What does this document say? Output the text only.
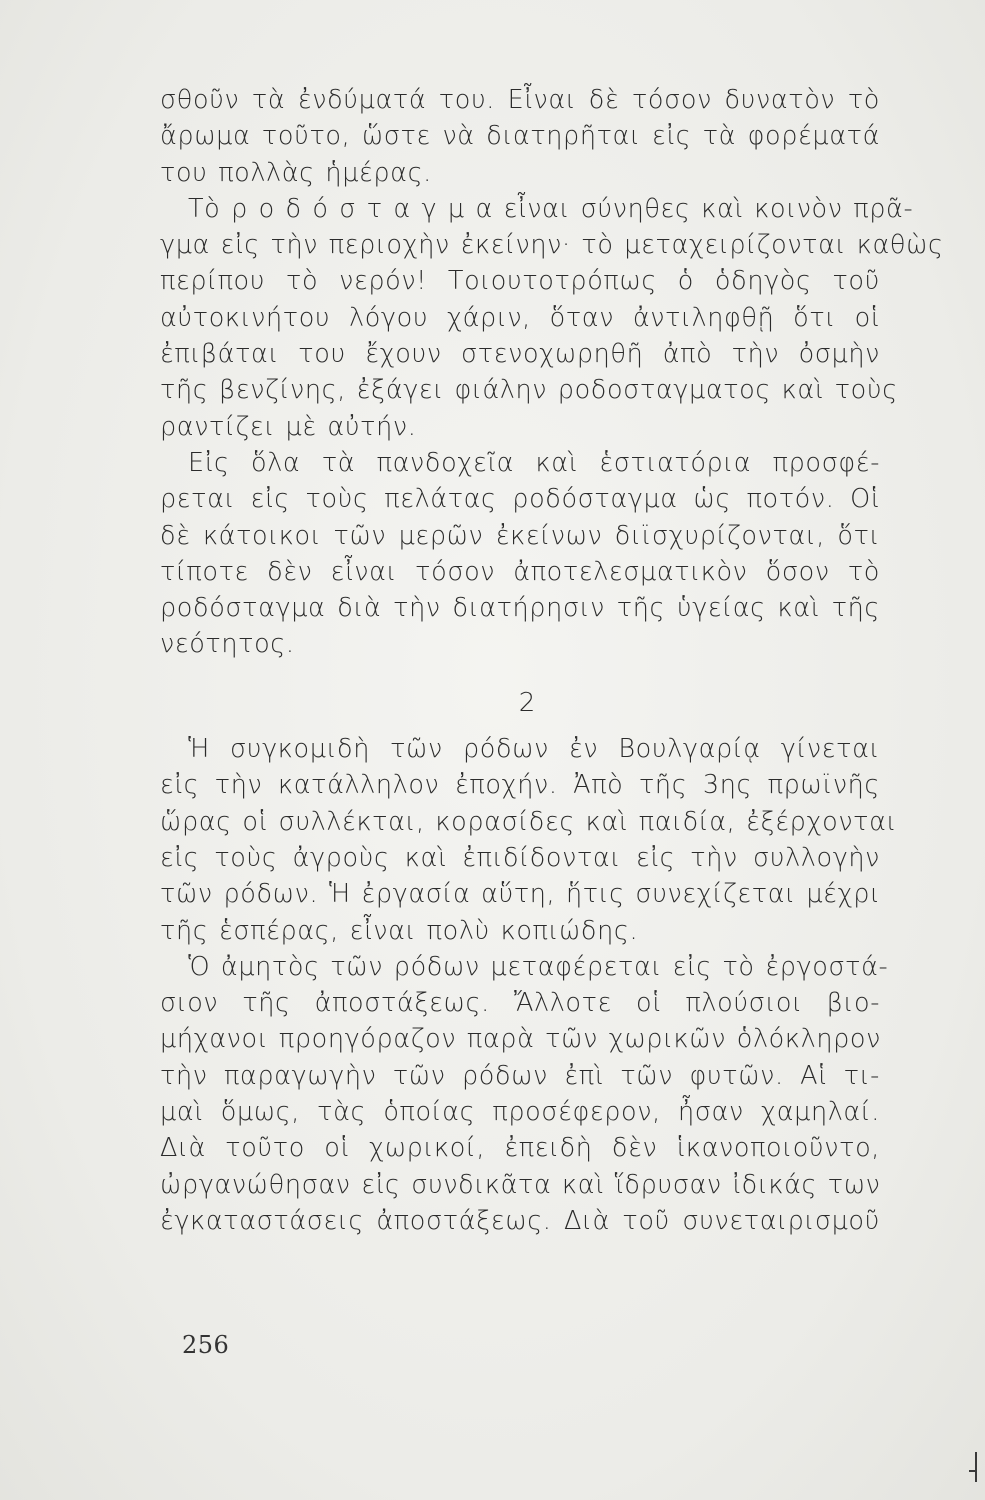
σθοῦν τὰ ἐνδύματά του. Εἶναι δὲ τόσον δυνατὸν τὸ
ἄρωμα τοῦτο, ὥστε νὰ διατηρῆται εἰς τὰ φορέματά
του πολλὰς ἡμέρας.
Τὸ ρ ο δ ό σ τ α γ μ α εἶναι σύνηθες καὶ κοινὸν πρᾶ-
γμα εἰς τὴν περιοχὴν ἐκείνην· τὸ μεταχειρίζονται καθὼς
περίπου τὸ νερόν! Τοιουτοτρόπως ὁ ὁδηγὸς τοῦ
αὐτοκινήτου λόγου χάριν, ὅταν ἀντιληφθῇ ὅτι οἱ
ἐπιβάται του ἔχουν στενοχωρηθῆ ἀπὸ τὴν ὀσμὴν
τῆς βενζίνης, ἐξάγει φιάλην ροδοσταγματος καὶ τοὺς
ραντίζει μὲ αὐτήν.
Εἰς ὅλα τὰ πανδοχεῖα καὶ ἑστιατόρια προσφέ-
ρεται εἰς τοὺς πελάτας ροδόσταγμα ὡς ποτόν. Οἱ
δὲ κάτοικοι τῶν μερῶν ἐκείνων διϊσχυρίζονται, ὅτι
τίποτε δὲν εἶναι τόσον ἀποτελεσματικὸν ὅσον τὸ
ροδόσταγμα διὰ τὴν διατήρησιν τῆς ὑγείας καὶ τῆς
νεότητος.
2
Ἡ συγκομιδὴ τῶν ρόδων ἐν Βουλγαρίᾳ γίνεται
εἰς τὴν κατάλληλον ἐποχήν. Ἀπὸ τῆς 3ης πρωϊνῆς
ὥρας οἱ συλλέκται, κορασίδες καὶ παιδία, ἐξέρχονται
εἰς τοὺς ἀγροὺς καὶ ἐπιδίδονται εἰς τὴν συλλογὴν
τῶν ρόδων. Ἡ ἐργασία αὕτη, ἥτις συνεχίζεται μέχρι
τῆς ἑσπέρας, εἶναι πολὺ κοπιώδης.
Ὁ ἀμητὸς τῶν ρόδων μεταφέρεται εἰς τὸ ἐργοστά-
σιον τῆς ἀποστάξεως. Ἄλλοτε οἱ πλούσιοι βιο-
μήχανοι προηγόραζον παρὰ τῶν χωρικῶν ὁλόκληρον
τὴν παραγωγὴν τῶν ρόδων ἐπὶ τῶν φυτῶν. Αἱ τι-
μαὶ ὅμως, τὰς ὁποίας προσέφερον, ἦσαν χαμηλαί.
Διὰ τοῦτο οἱ χωρικοί, ἐπειδὴ δὲν ἱκανοποιοῦντο,
ὠργανώθησαν εἰς συνδικᾶτα καὶ ἵδρυσαν ἰδικάς των
ἐγκαταστάσεις ἀποστάξεως. Διὰ τοῦ συνεταιρισμοῦ
256
